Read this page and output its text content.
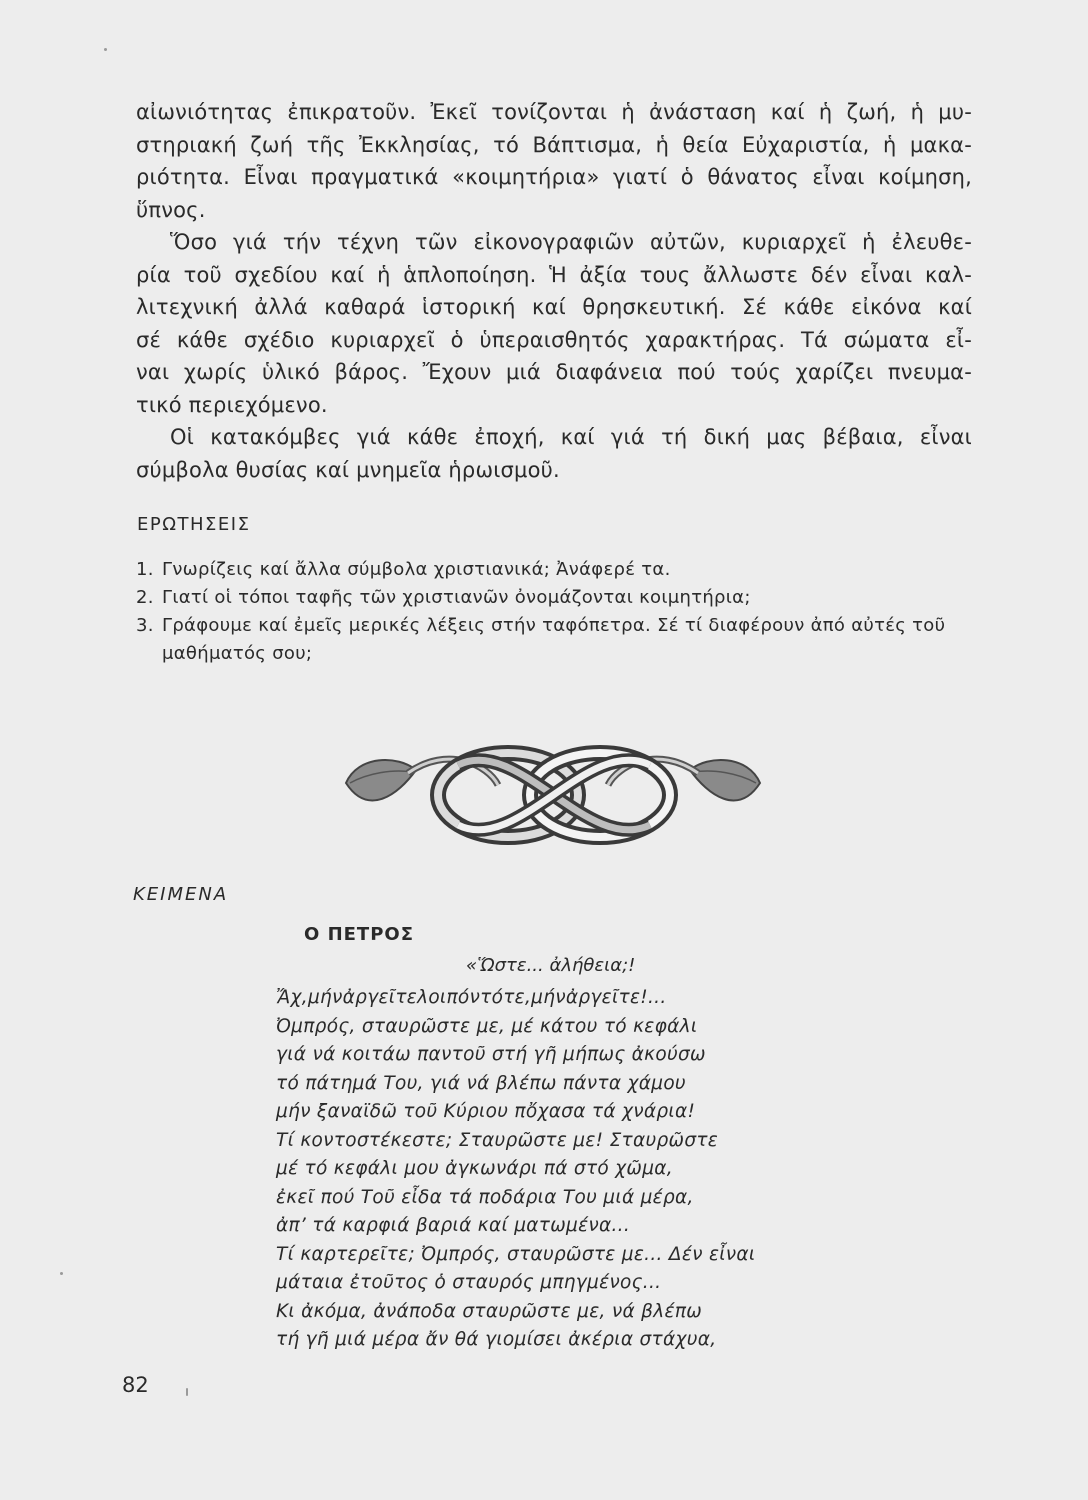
αἰωνιότητας ἐπικρατοῦν. Ἐκεῖ τονίζονται ἡ ἀνάσταση καί ἡ ζωή, ἡ μυ-
στηριακή ζωή τῆς Ἐκκλησίας, τό Βάπτισμα, ἡ θεία Εὐχαριστία, ἡ μακα-
ριότητα. Εἶναι πραγματικά «κοιμητήρια» γιατί ὁ θάνατος εἶναι κοίμηση,
ὕπνος.

Ὅσο γιά τήν τέχνη τῶν εἰκονογραφιῶν αὐτῶν, κυριαρχεῖ ἡ ἐλευθε-
ρία τοῦ σχεδίου καί ἡ ἁπλοποίηση. Ἡ ἀξία τους ἄλλωστε δέν εἶναι καλ-
λιτεχνική ἀλλά καθαρά ἱστορική καί θρησκευτική. Σέ κάθε εἰκόνα καί
σέ κάθε σχέδιο κυριαρχεῖ ὁ ὑπεραισθητός χαρακτήρας. Τά σώματα εἶ-
ναι χωρίς ὑλικό βάρος. Ἔχουν μιά διαφάνεια πού τούς χαρίζει πνευμα-
τικό περιεχόμενο.

Οἱ κατακόμβες γιά κάθε ἐποχή, καί γιά τή δική μας βέβαια, εἶναι
σύμβολα θυσίας καί μνημεῖα ἡρωισμοῦ.

ΕΡΩΤΗΣΕΙΣ
1. Γνωρίζεις καί ἄλλα σύμβολα χριστιανικά; Ἀνάφερέ τα.
2. Γιατί οἱ τόποι ταφῆς τῶν χριστιανῶν ὀνομάζονται κοιμητήρια;
3. Γράφουμε καί ἐμεῖς μερικές λέξεις στήν ταφόπετρα. Σέ τί διαφέρουν ἀπό αὐτές τοῦ μαθήματός σου;
ΚΕΙΜΕΝΑ
Ο ΠΕΤΡΟΣ
«Ὥστε... ἀλήθεια;!
Ἄχ,μήνἀργεῖτελοιπόντότε,μήνἀργεῖτε!...
Ὀμπρός, σταυρῶστε με, μέ κάτου τό κεφάλι
γιά νά κοιτάω παντοῦ στή γῆ μήπως ἀκούσω
τό πάτημά Του, γιά νά βλέπω πάντα χάμου
μήν ξαναϊδῶ τοῦ Κύριου πὄχασα τά χνάρια!
Τί κοντοστέκεστε; Σταυρῶστε με! Σταυρῶστε
μέ τό κεφάλι μου ἀγκωνάρι πά στό χῶμα,
ἐκεῖ πού Τοῦ εἶδα τά ποδάρια Του μιά μέρα,
ἀπ’ τά καρφιά βαριά καί ματωμένα...
Τί καρτερεῖτε; Ὀμπρός, σταυρῶστε με... Δέν εἶναι
μάταια ἐτοῦτος ὁ σταυρός μπηγμένος...
Κι ἀκόμα, ἀνάποδα σταυρῶστε με, νά βλέπω
τή γῆ μιά μέρα ἄν θά γιομίσει ἀκέρια στάχυα,
82
